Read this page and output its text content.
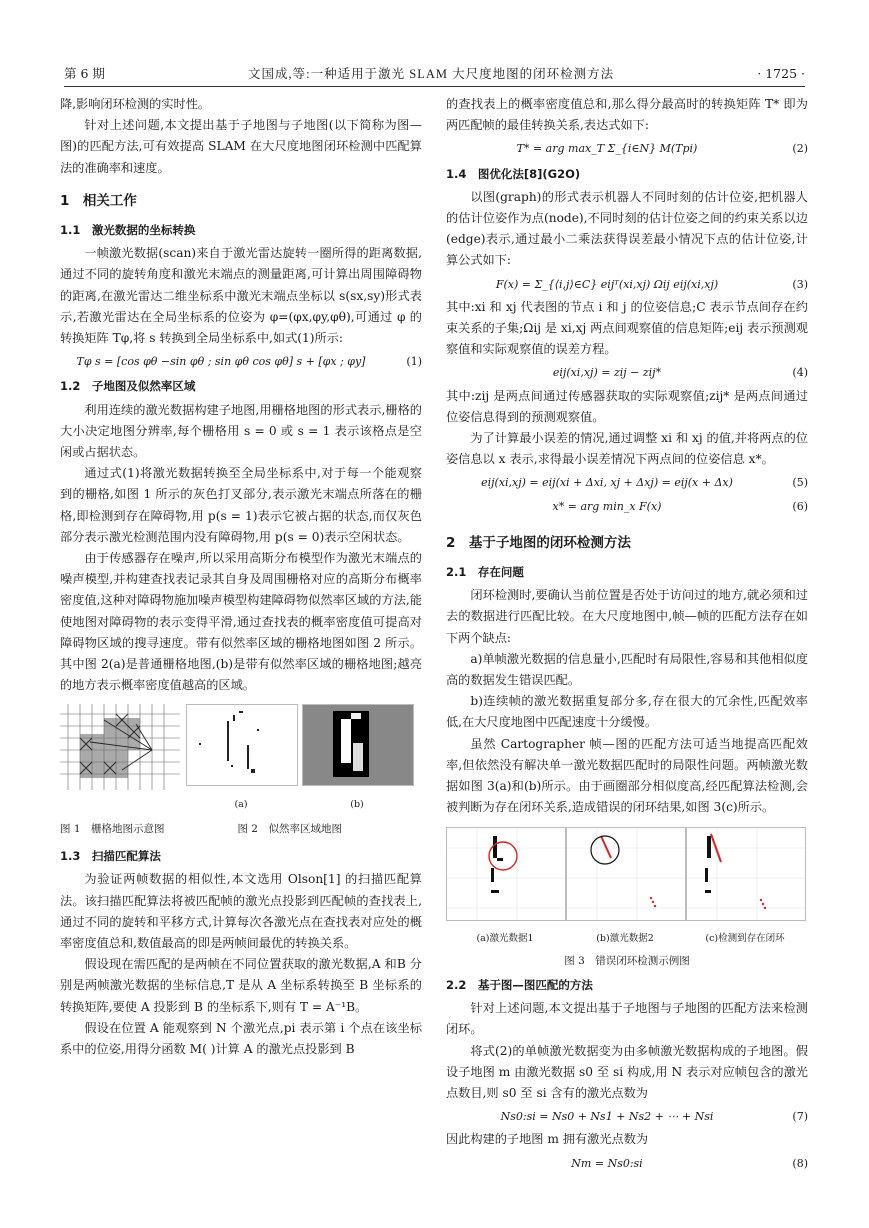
第 6 期	文国成,等:一种适用于激光 SLAM 大尺度地图的闭环检测方法	· 1725 ·

降,影响闭环检测的实时性。

针对上述问题,本文提出基于子地图与子地图(以下简称为图—图)的匹配方法,可有效提高 SLAM 在大尺度地图闭环检测中匹配算法的准确率和速度。

1　相关工作
1.1　激光数据的坐标转换

一帧激光数据(scan)来自于激光雷达旋转一圈所得的距离数据,通过不同的旋转角度和激光末端点的测量距离,可计算出周围障碍物的距离,在激光雷达二维坐标系中激光末端点坐标以 s(sx,sy)形式表示,若激光雷达在全局坐标系的位姿为 φ=(φx,φy,φθ),可通过 φ 的转换矩阵 Tφ,将 s 转换到全局坐标系中,如式(1)所示:

Tφ s = [cos φθ −sin φθ ; sin φθ cos φθ] s + [φx ; φy]	(1)
1.2　子地图及似然率区域

利用连续的激光数据构建子地图,用栅格地图的形式表示,栅格的大小决定地图分辨率,每个栅格用 s = 0 或 s = 1 表示该格点是空闲或占据状态。

通过式(1)将激光数据转换至全局坐标系中,对于每一个能观察到的栅格,如图 1 所示的灰色打叉部分,表示激光末端点所落在的栅格,即检测到存在障碍物,用 p(s = 1)表示它被占据的状态,而仅灰色部分表示激光检测范围内没有障碍物,用 p(s = 0)表示空闲状态。

由于传感器存在噪声,所以采用高斯分布模型作为激光末端点的噪声模型,并构建查找表记录其自身及周围栅格对应的高斯分布概率密度值,这种对障碍物施加噪声模型构建障碍物似然率区域的方法,能使地图对障碍物的表示变得平滑,通过查找表的概率密度值可提高对障碍物区域的搜寻速度。带有似然率区域的栅格地图如图 2 所示。其中图 2(a)是普通栅格地图,(b)是带有似然率区域的栅格地图;越亮的地方表示概率密度值越高的区域。

(a)	(b)
图 1　栅格地图示意图	图 2　似然率区域地图
1.3　扫描匹配算法

为验证两帧数据的相似性,本文选用 Olson[1] 的扫描匹配算法。该扫描匹配算法将被匹配帧的激光点投影到匹配帧的查找表上,通过不同的旋转和平移方式,计算每次各激光点在查找表对应处的概率密度值总和,数值最高的即是两帧间最优的转换关系。

假设现在需匹配的是两帧在不同位置获取的激光数据,A 和B 分别是两帧激光数据的坐标信息,T 是从 A 坐标系转换至 B 坐标系的转换矩阵,要使 A 投影到 B 的坐标系下,则有 T = A⁻¹B。

假设在位置 A 能观察到 N 个激光点,pi 表示第 i 个点在该坐标系中的位姿,用得分函数 M( )计算 A 的激光点投影到 B

的查找表上的概率密度值总和,那么得分最高时的转换矩阵 T* 即为两匹配帧的最佳转换关系,表达式如下:

T* = arg max_T Σ_{i∈N} M(Tpi)	(2)
1.4　图优化法[8](G2O)

以图(graph)的形式表示机器人不同时刻的估计位姿,把机器人的估计位姿作为点(node),不同时刻的估计位姿之间的约束关系以边(edge)表示,通过最小二乘法获得误差最小情况下点的估计位姿,计算公式如下:

F(x) = Σ_{⟨i,j⟩∈C} eijᵀ(xi,xj) Ωij eij(xi,xj)	(3)

其中:xi 和 xj 代表图的节点 i 和 j 的位姿信息;C 表示节点间存在约束关系的子集;Ωij 是 xi,xj 两点间观察值的信息矩阵;eij 表示预测观察值和实际观察值的误差方程。

eij(xi,xj) = zij − zij*	(4)

其中:zij 是两点间通过传感器获取的实际观察值;zij* 是两点间通过位姿信息得到的预测观察值。

为了计算最小误差的情况,通过调整 xi 和 xj 的值,并将两点的位姿信息以 x 表示,求得最小误差情况下两点间的位姿信息 x*。

eij(xi,xj) = eij(xi + Δxi, xj + Δxj) = eij(x + Δx)	(5)
x* = arg min_x F(x)	(6)
2　基于子地图的闭环检测方法
2.1　存在问题

闭环检测时,要确认当前位置是否处于访问过的地方,就必须和过去的数据进行匹配比较。在大尺度地图中,帧—帧的匹配方法存在如下两个缺点:

a)单帧激光数据的信息量小,匹配时有局限性,容易和其他相似度高的数据发生错误匹配。

b)连续帧的激光数据重复部分多,存在很大的冗余性,匹配效率低,在大尺度地图中匹配速度十分缓慢。

虽然 Cartographer 帧—图的匹配方法可适当地提高匹配效率,但依然没有解决单一激光数据匹配时的局限性问题。两帧激光数据如图 3(a)和(b)所示。由于画圈部分相似度高,经匹配算法检测,会被判断为存在闭环关系,造成错误的闭环结果,如图 3(c)所示。

(a)激光数据1	(b)激光数据2	(c)检测到存在闭环
图 3　错误闭环检测示例图
2.2　基于图—图匹配的方法

针对上述问题,本文提出基于子地图与子地图的匹配方法来检测闭环。

将式(2)的单帧激光数据变为由多帧激光数据构成的子地图。假设子地图 m 由激光数据 s0 至 si 构成,用 N 表示对应帧包含的激光点数目,则 s0 至 si 含有的激光点数为

Ns0:si = Ns0 + Ns1 + Ns2 + ⋯ + Nsi	(7)

因此构建的子地图 m 拥有激光点数为

Nm = Ns0:si	(8)
